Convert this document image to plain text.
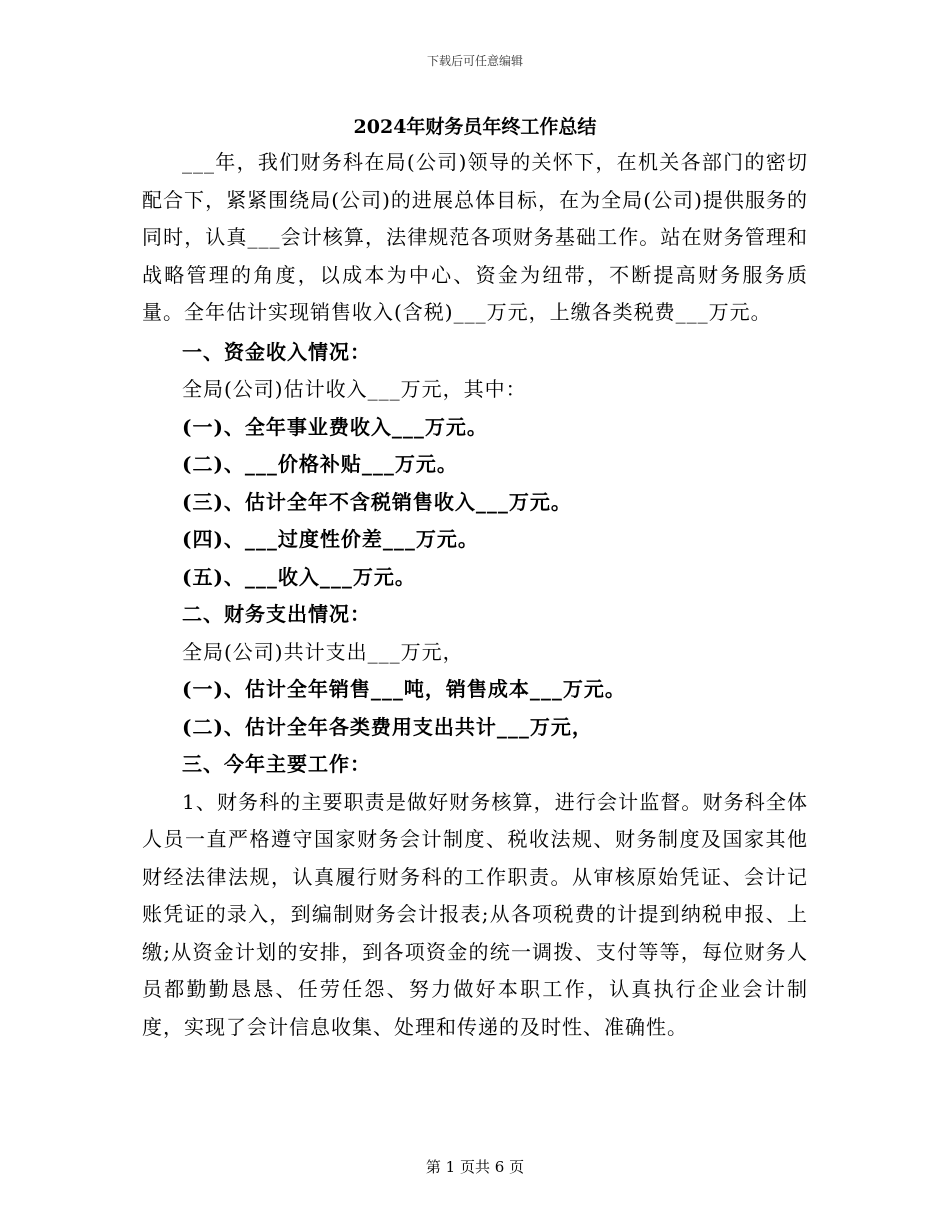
下载后可任意编辑

2024年财务员年终工作总结

___年，我们财务科在局(公司)领导的关怀下，在机关各部门的密切配合下，紧紧围绕局(公司)的进展总体目标，在为全局(公司)提供服务的同时，认真___会计核算，法律规范各项财务基础工作。站在财务管理和战略管理的角度，以成本为中心、资金为纽带，不断提高财务服务质量。全年估计实现销售收入(含税)___万元，上缴各类税费___万元。

一、资金收入情况：

全局(公司)估计收入___万元，其中：

(一)、全年事业费收入___万元。

(二)、___价格补贴___万元。

(三)、估计全年不含税销售收入___万元。

(四)、___过度性价差___万元。

(五)、___收入___万元。

二、财务支出情况：

全局(公司)共计支出___万元，

(一)、估计全年销售___吨，销售成本___万元。

(二)、估计全年各类费用支出共计___万元，

三、今年主要工作：

1、财务科的主要职责是做好财务核算，进行会计监督。财务科全体人员一直严格遵守国家财务会计制度、税收法规、财务制度及国家其他财经法律法规，认真履行财务科的工作职责。从审核原始凭证、会计记账凭证的录入，到编制财务会计报表;从各项税费的计提到纳税申报、上缴;从资金计划的安排，到各项资金的统一调拨、支付等等，每位财务人员都勤勤恳恳、任劳任怨、努力做好本职工作，认真执行企业会计制度，实现了会计信息收集、处理和传递的及时性、准确性。

第 1 页共 6 页
